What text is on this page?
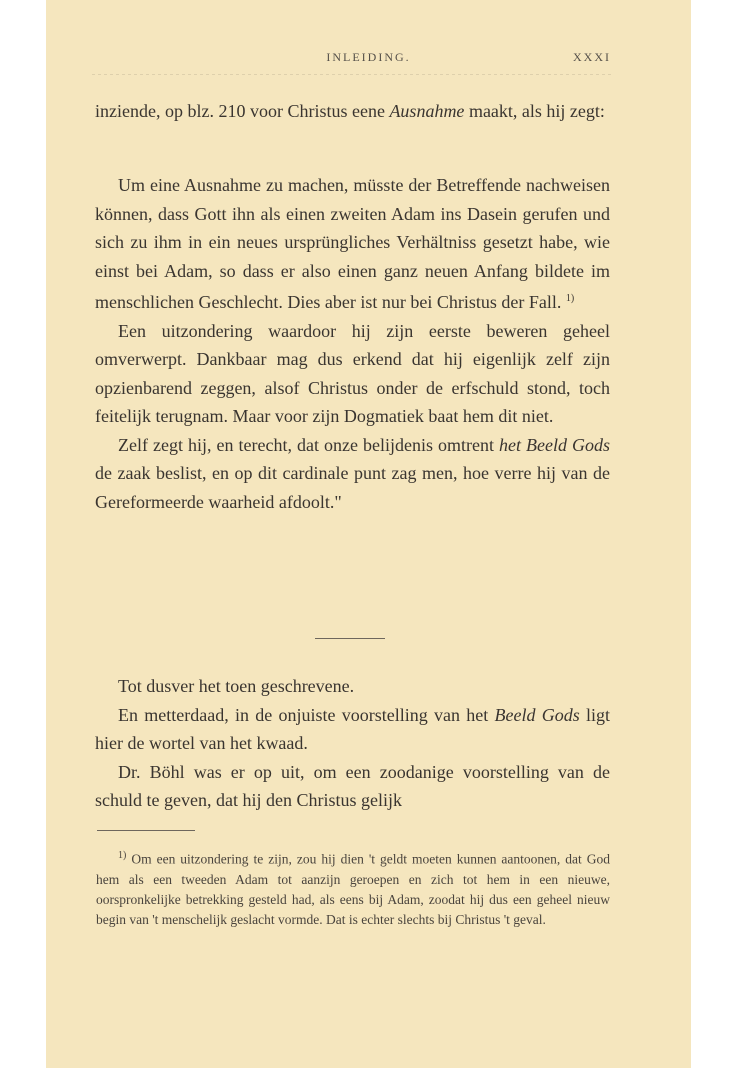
INLEIDING.	XXXI

inziende, op blz. 210 voor Christus eene Ausnahme maakt, als hij zegt:

Um eine Ausnahme zu machen, müsste der Betreffende nachweisen können, dass Gott ihn als einen zweiten Adam ins Dasein gerufen und sich zu ihm in ein neues ursprüngliches Verhältniss gesetzt habe, wie einst bei Adam, so dass er also einen ganz neuen Anfang bildete im menschlichen Geschlecht. Dies aber ist nur bei Christus der Fall. $^{1)}$

Een uitzondering waardoor hij zijn eerste beweren geheel omverwerpt. Dankbaar mag dus erkend dat hij eigenlijk zelf zijn opzienbarend zeggen, alsof Christus onder de erfschuld stond, toch feitelijk terugnam. Maar voor zijn Dogmatiek baat hem dit niet.

Zelf zegt hij, en terecht, dat onze belijdenis omtrent het Beeld Gods de zaak beslist, en op dit cardinale punt zag men, hoe verre hij van de Gereformeerde waarheid afdoolt."

Tot dusver het toen geschrevene.

En metterdaad, in de onjuiste voorstelling van het Beeld Gods ligt hier de wortel van het kwaad.

Dr. Böhl was er op uit, om een zoodanige voorstelling van de schuld te geven, dat hij den Christus gelijk

$^{1)}$ Om een uitzondering te zijn, zou hij dien 't geldt moeten kunnen aantoonen, dat God hem als een tweeden Adam tot aanzijn geroepen en zich tot hem in een nieuwe, oorspronkelijke betrekking gesteld had, als eens bij Adam, zoodat hij dus een geheel nieuw begin van 't menschelijk geslacht vormde. Dat is echter slechts bij Christus 't geval.
